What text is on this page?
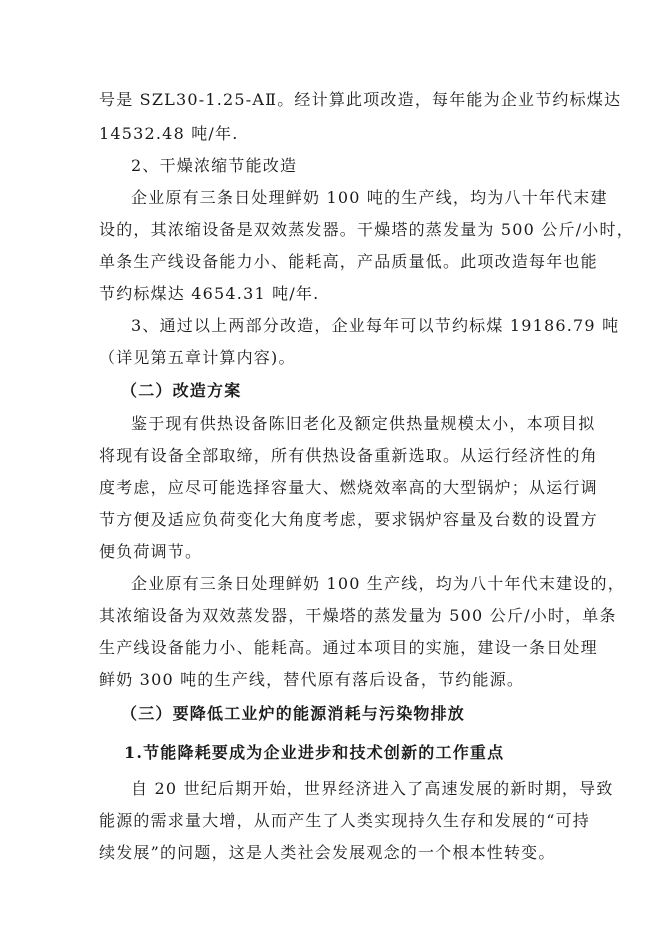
号是 SZL30-1.25-AⅡ。经计算此项改造，每年能为企业节约标煤达
14532.48 吨/年.
2、干燥浓缩节能改造
企业原有三条日处理鲜奶 100 吨的生产线，均为八十年代末建
设的，其浓缩设备是双效蒸发器。干燥塔的蒸发量为 500 公斤/小时，
单条生产线设备能力小、能耗高，产品质量低。此项改造每年也能
节约标煤达 4654.31 吨/年.
3、通过以上两部分改造，企业每年可以节约标煤 19186.79 吨
（详见第五章计算内容)。
（二）改造方案
鉴于现有供热设备陈旧老化及额定供热量规模太小，本项目拟
将现有设备全部取缔，所有供热设备重新选取。从运行经济性的角
度考虑，应尽可能选择容量大、燃烧效率高的大型锅炉；从运行调
节方便及适应负荷变化大角度考虑，要求锅炉容量及台数的设置方
便负荷调节。
企业原有三条日处理鲜奶 100 生产线，均为八十年代末建设的，
其浓缩设备为双效蒸发器，干燥塔的蒸发量为 500 公斤/小时，单条
生产线设备能力小、能耗高。通过本项目的实施，建设一条日处理
鲜奶 300 吨的生产线，替代原有落后设备，节约能源。
（三）要降低工业炉的能源消耗与污染物排放
1.节能降耗要成为企业进步和技术创新的工作重点
自 20 世纪后期开始，世界经济进入了高速发展的新时期，导致
能源的需求量大增，从而产生了人类实现持久生存和发展的“可持
续发展”的问题，这是人类社会发展观念的一个根本性转变。
